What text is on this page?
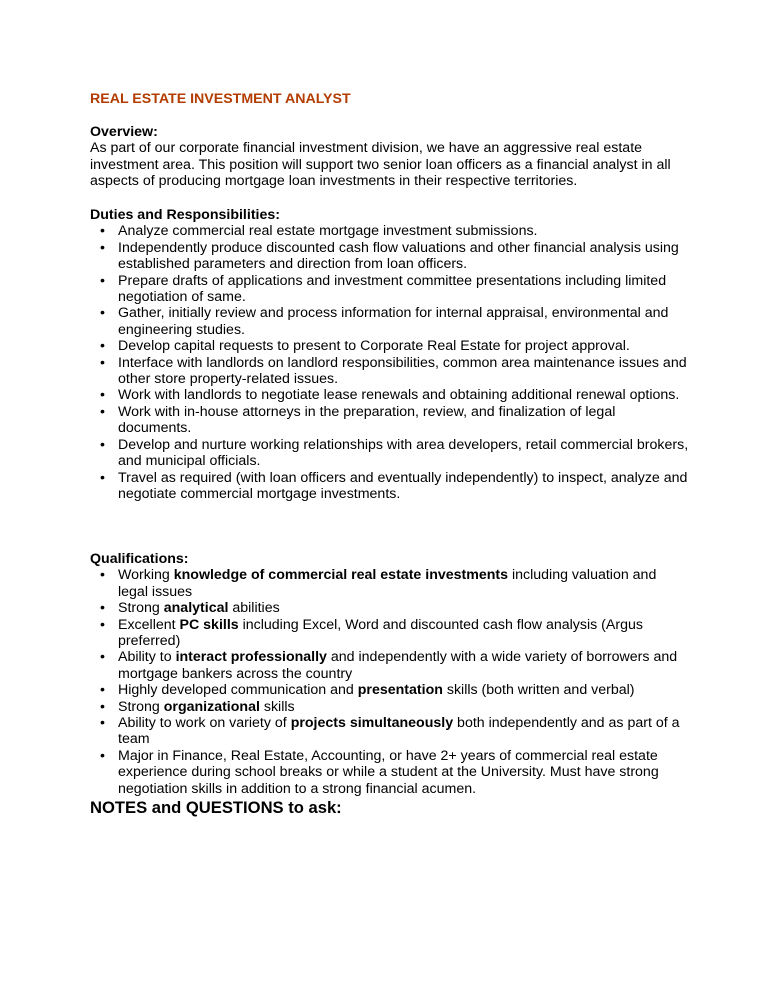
REAL ESTATE INVESTMENT ANALYST
Overview:

As part of our corporate financial investment division, we have an aggressive real estate investment area. This position will support two senior loan officers as a financial analyst in all aspects of producing mortgage loan investments in their respective territories.

Duties and Responsibilities:
• Analyze commercial real estate mortgage investment submissions.
• Independently produce discounted cash flow valuations and other financial analysis using established parameters and direction from loan officers.
• Prepare drafts of applications and investment committee presentations including limited negotiation of same.
• Gather, initially review and process information for internal appraisal, environmental and engineering studies.
• Develop capital requests to present to Corporate Real Estate for project approval.
• Interface with landlords on landlord responsibilities, common area maintenance issues and other store property-related issues.
• Work with landlords to negotiate lease renewals and obtaining additional renewal options.
• Work with in-house attorneys in the preparation, review, and finalization of legal documents.
• Develop and nurture working relationships with area developers, retail commercial brokers, and municipal officials.
• Travel as required (with loan officers and eventually independently) to inspect, analyze and negotiate commercial mortgage investments.
Qualifications:
• Working knowledge of commercial real estate investments including valuation and legal issues
• Strong analytical abilities
• Excellent PC skills including Excel, Word and discounted cash flow analysis (Argus preferred)
• Ability to interact professionally and independently with a wide variety of borrowers and mortgage bankers across the country
• Highly developed communication and presentation skills (both written and verbal)
• Strong organizational skills
• Ability to work on variety of projects simultaneously both independently and as part of a team
• Major in Finance, Real Estate, Accounting, or have 2+ years of commercial real estate experience during school breaks or while a student at the University. Must have strong negotiation skills in addition to a strong financial acumen.
NOTES and QUESTIONS to ask:
